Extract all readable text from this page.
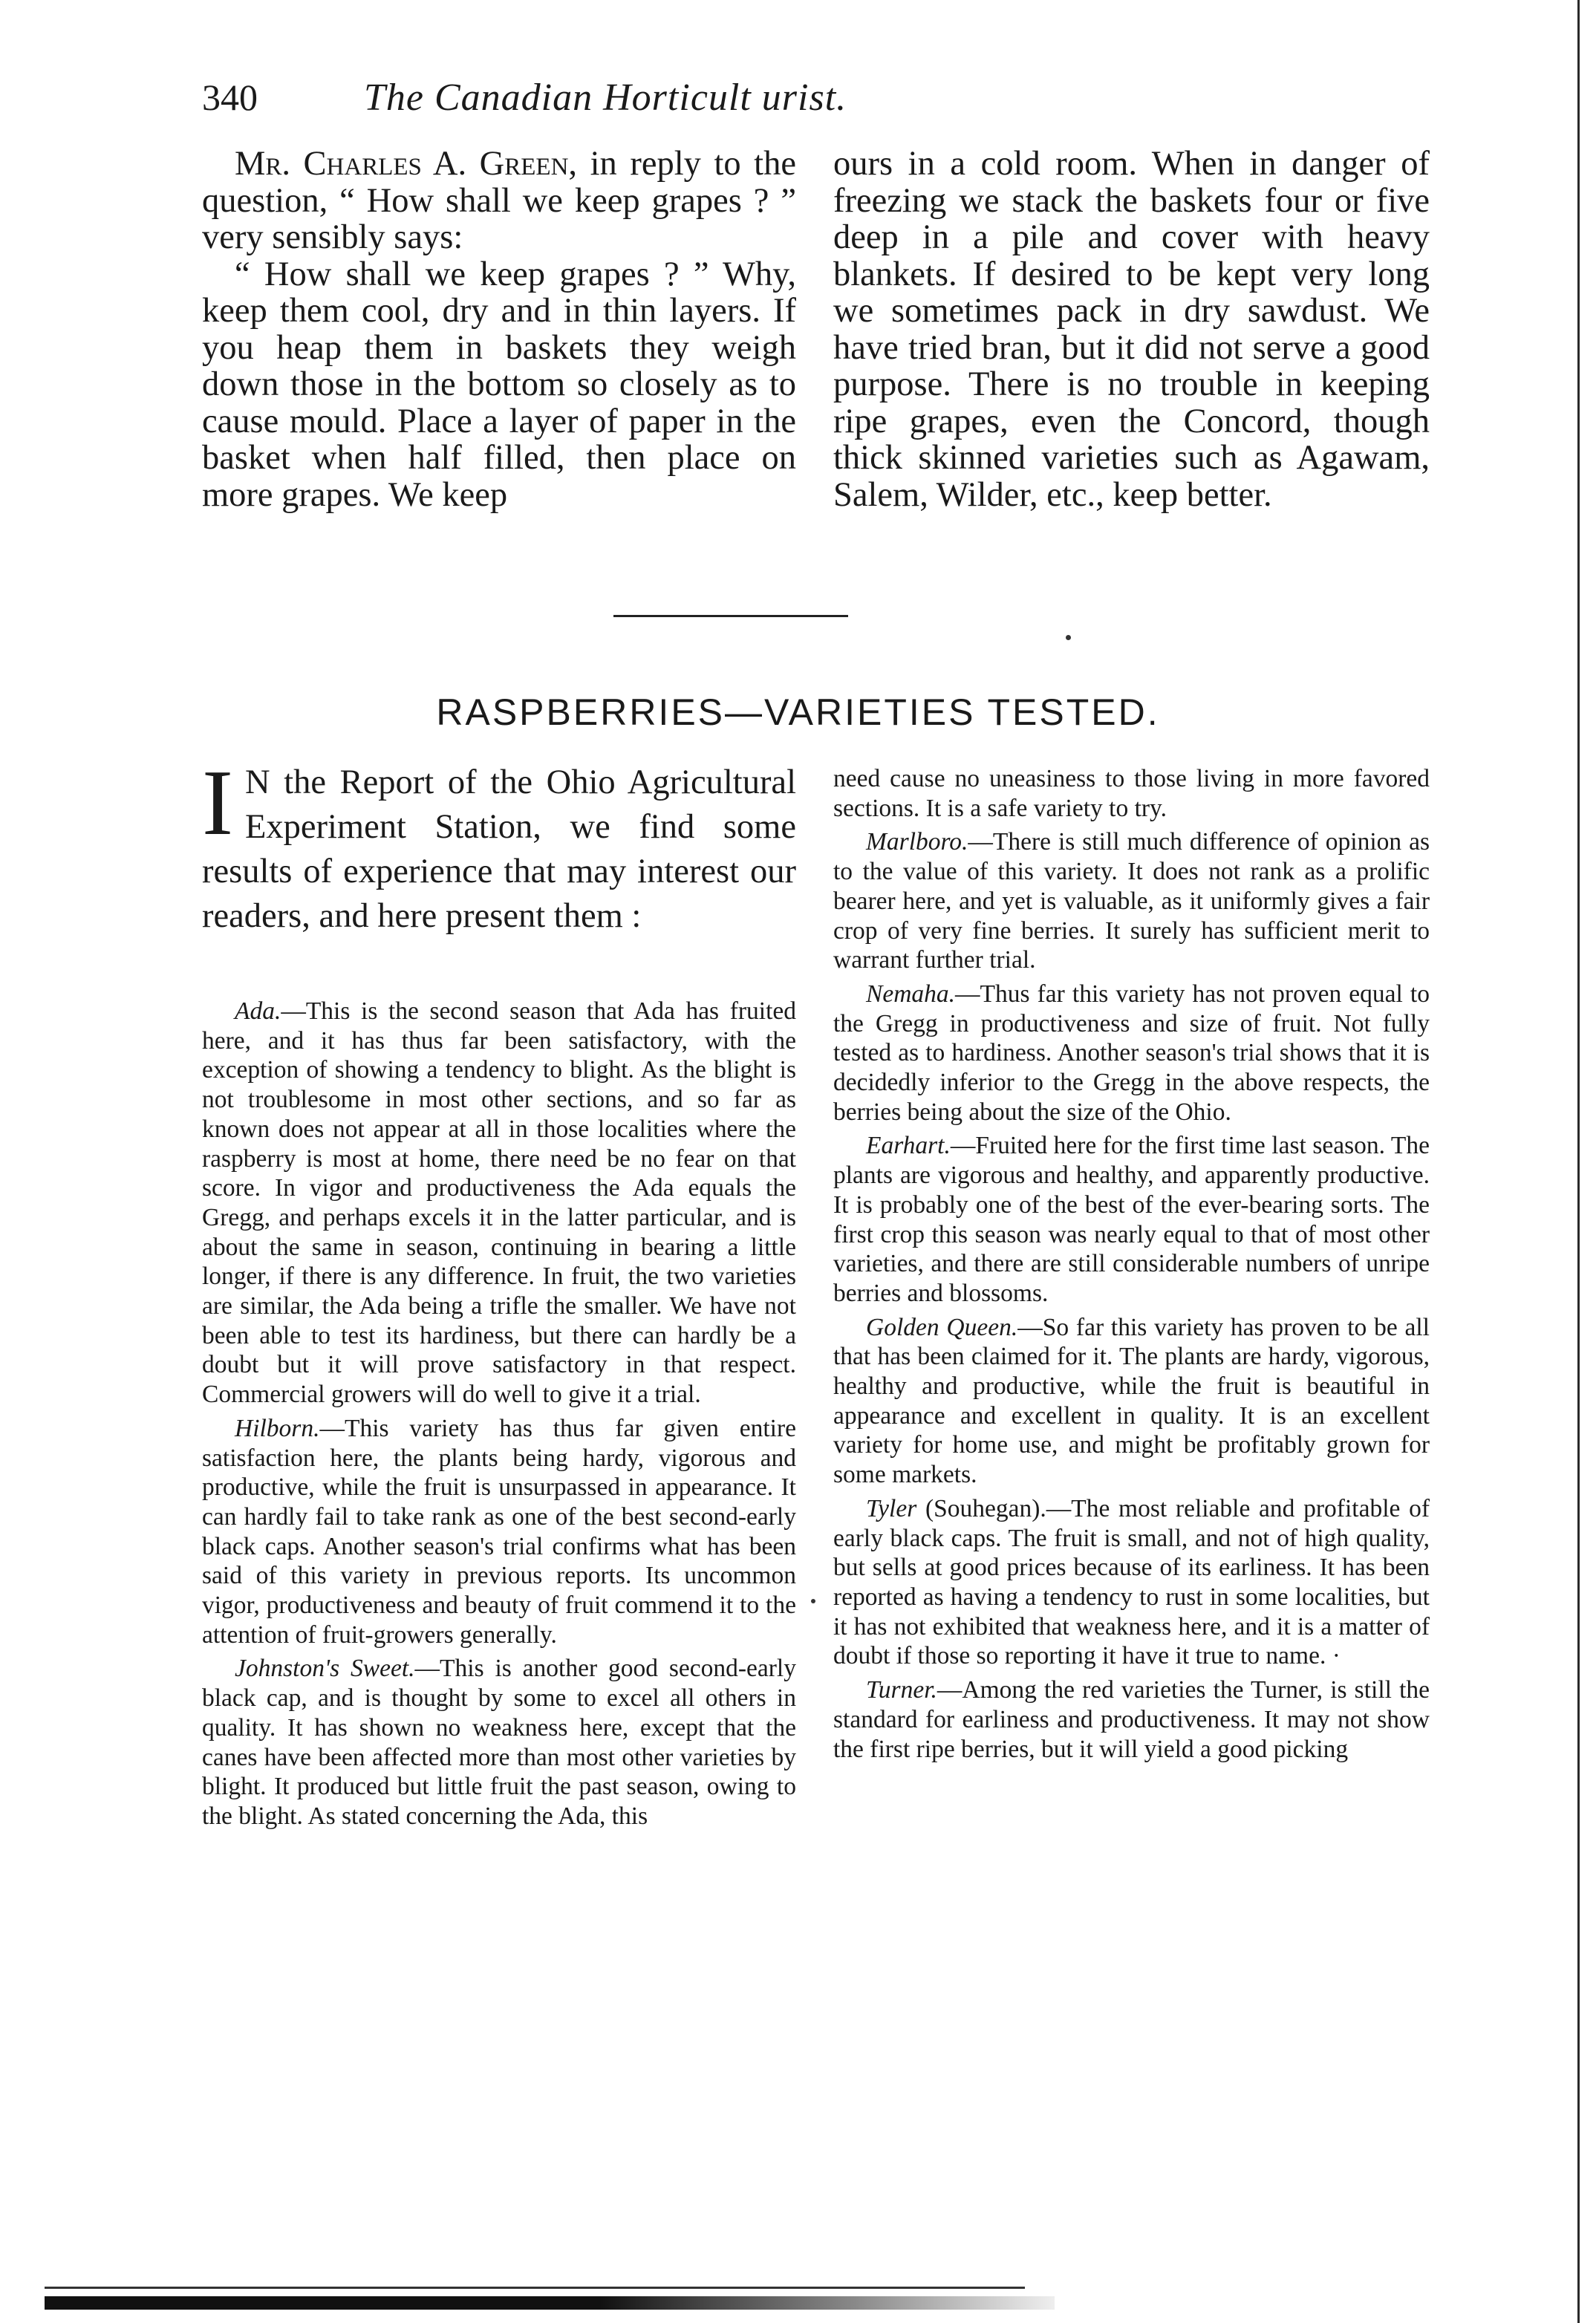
340	The Canadian Horticult urist.

Mr. Charles A. Green, in reply to the question, “ How shall we keep grapes ? ” very sensibly says:

“ How shall we keep grapes ? ” Why, keep them cool, dry and in thin layers. If you heap them in baskets they weigh down those in the bottom so closely as to cause mould. Place a layer of paper in the basket when half filled, then place on more grapes. We keep

ours in a cold room. When in danger of freezing we stack the baskets four or five deep in a pile and cover with heavy blankets. If desired to be kept very long we sometimes pack in dry sawdust. We have tried bran, but it did not serve a good purpose. There is no trouble in keeping ripe grapes, even the Concord, though thick skinned varieties such as Agawam, Salem, Wilder, etc., keep better.

RASPBERRIES—VARIETIES TESTED.

I N the Report of the Ohio Agricultural Experiment Station, we find some results of experience that may interest our readers, and here present them :

Ada.—This is the second season that Ada has fruited here, and it has thus far been satisfactory, with the exception of showing a tendency to blight. As the blight is not troublesome in most other sections, and so far as known does not appear at all in those localities where the raspberry is most at home, there need be no fear on that score. In vigor and productiveness the Ada equals the Gregg, and perhaps excels it in the latter particular, and is about the same in season, continuing in bearing a little longer, if there is any difference. In fruit, the two varieties are similar, the Ada being a trifle the smaller. We have not been able to test its hardiness, but there can hardly be a doubt but it will prove satisfactory in that respect. Commercial growers will do well to give it a trial.

Hilborn.—This variety has thus far given entire satisfaction here, the plants being hardy, vigorous and productive, while the fruit is unsurpassed in appearance. It can hardly fail to take rank as one of the best second-early black caps. Another season's trial confirms what has been said of this variety in previous reports. Its uncommon vigor, productiveness and beauty of fruit commend it to the attention of fruit-growers generally.

Johnston's Sweet.—This is another good second-early black cap, and is thought by some to excel all others in quality. It has shown no weakness here, except that the canes have been affected more than most other varieties by blight. It produced but little fruit the past season, owing to the blight. As stated concerning the Ada, this

need cause no uneasiness to those living in more favored sections. It is a safe variety to try.

Marlboro.—There is still much difference of opinion as to the value of this variety. It does not rank as a prolific bearer here, and yet is valuable, as it uniformly gives a fair crop of very fine berries. It surely has sufficient merit to warrant further trial.

Nemaha.—Thus far this variety has not proven equal to the Gregg in productiveness and size of fruit. Not fully tested as to hardiness. Another season's trial shows that it is decidedly inferior to the Gregg in the above respects, the berries being about the size of the Ohio.

Earhart.—Fruited here for the first time last season. The plants are vigorous and healthy, and apparently productive. It is probably one of the best of the ever-bearing sorts. The first crop this season was nearly equal to that of most other varieties, and there are still considerable numbers of unripe berries and blossoms.

Golden Queen.—So far this variety has proven to be all that has been claimed for it. The plants are hardy, vigorous, healthy and productive, while the fruit is beautiful in appearance and excellent in quality. It is an excellent variety for home use, and might be profitably grown for some markets.

Tyler (Souhegan).—The most reliable and profitable of early black caps. The fruit is small, and not of high quality, but sells at good prices because of its earliness. It has been reported as having a tendency to rust in some localities, but it has not exhibited that weakness here, and it is a matter of doubt if those so reporting it have it true to name. ·

Turner.—Among the red varieties the Turner, is still the standard for earliness and productiveness. It may not show the first ripe berries, but it will yield a good picking
